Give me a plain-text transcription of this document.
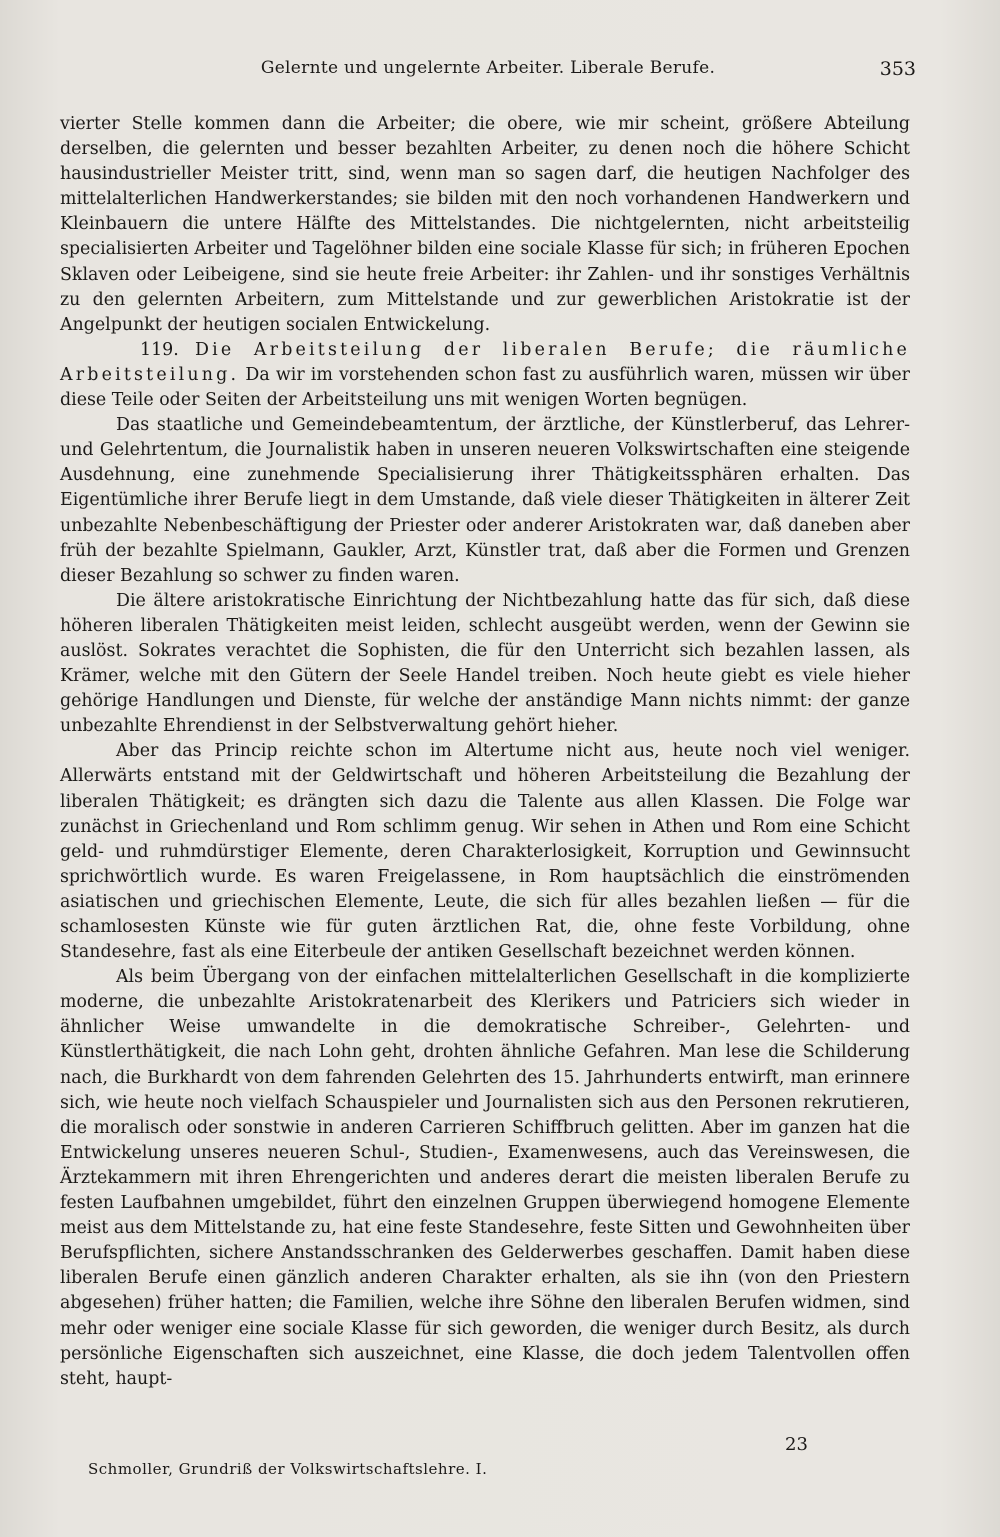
Gelernte und ungelernte Arbeiter. Liberale Berufe.	353

vierter Stelle kommen dann die Arbeiter; die obere, wie mir scheint, größere Abteilung derselben, die gelernten und besser bezahlten Arbeiter, zu denen noch die höhere Schicht hausindustrieller Meister tritt, sind, wenn man so sagen darf, die heutigen Nachfolger des mittelalterlichen Handwerkerstandes; sie bilden mit den noch vorhandenen Handwerkern und Kleinbauern die untere Hälfte des Mittelstandes. Die nichtgelernten, nicht arbeitsteilig specialisierten Arbeiter und Tagelöhner bilden eine sociale Klasse für sich; in früheren Epochen Sklaven oder Leibeigene, sind sie heute freie Arbeiter: ihr Zahlen- und ihr sonstiges Verhältnis zu den gelernten Arbeitern, zum Mittelstande und zur gewerblichen Aristokratie ist der Angelpunkt der heutigen socialen Entwickelung.

119. Die Arbeitsteilung der liberalen Berufe; die räumliche Arbeitsteilung. Da wir im vorstehenden schon fast zu ausführlich waren, müssen wir über diese Teile oder Seiten der Arbeitsteilung uns mit wenigen Worten begnügen.

Das staatliche und Gemeindebeamtentum, der ärztliche, der Künstlerberuf, das Lehrer- und Gelehrtentum, die Journalistik haben in unseren neueren Volkswirtschaften eine steigende Ausdehnung, eine zunehmende Specialisierung ihrer Thätigkeitssphären erhalten. Das Eigentümliche ihrer Berufe liegt in dem Umstande, daß viele dieser Thätigkeiten in älterer Zeit unbezahlte Nebenbeschäftigung der Priester oder anderer Aristokraten war, daß daneben aber früh der bezahlte Spielmann, Gaukler, Arzt, Künstler trat, daß aber die Formen und Grenzen dieser Bezahlung so schwer zu finden waren.

Die ältere aristokratische Einrichtung der Nichtbezahlung hatte das für sich, daß diese höheren liberalen Thätigkeiten meist leiden, schlecht ausgeübt werden, wenn der Gewinn sie auslöst. Sokrates verachtet die Sophisten, die für den Unterricht sich bezahlen lassen, als Krämer, welche mit den Gütern der Seele Handel treiben. Noch heute giebt es viele hieher gehörige Handlungen und Dienste, für welche der anständige Mann nichts nimmt: der ganze unbezahlte Ehrendienst in der Selbstverwaltung gehört hieher.

Aber das Princip reichte schon im Altertume nicht aus, heute noch viel weniger. Allerwärts entstand mit der Geldwirtschaft und höheren Arbeitsteilung die Bezahlung der liberalen Thätigkeit; es drängten sich dazu die Talente aus allen Klassen. Die Folge war zunächst in Griechenland und Rom schlimm genug. Wir sehen in Athen und Rom eine Schicht geld- und ruhmdürstiger Elemente, deren Charakterlosigkeit, Korruption und Gewinnsucht sprichwörtlich wurde. Es waren Freigelassene, in Rom hauptsächlich die einströmenden asiatischen und griechischen Elemente, Leute, die sich für alles bezahlen ließen — für die schamlosesten Künste wie für guten ärztlichen Rat, die, ohne feste Vorbildung, ohne Standesehre, fast als eine Eiterbeule der antiken Gesellschaft bezeichnet werden können.

Als beim Übergang von der einfachen mittelalterlichen Gesellschaft in die komplizierte moderne, die unbezahlte Aristokratenarbeit des Klerikers und Patriciers sich wieder in ähnlicher Weise umwandelte in die demokratische Schreiber-, Gelehrten- und Künstlerthätigkeit, die nach Lohn geht, drohten ähnliche Gefahren. Man lese die Schilderung nach, die Burkhardt von dem fahrenden Gelehrten des 15. Jahrhunderts entwirft, man erinnere sich, wie heute noch vielfach Schauspieler und Journalisten sich aus den Personen rekrutieren, die moralisch oder sonstwie in anderen Carrieren Schiffbruch gelitten. Aber im ganzen hat die Entwickelung unseres neueren Schul-, Studien-, Examenwesens, auch das Vereinswesen, die Ärztekammern mit ihren Ehrengerichten und anderes derart die meisten liberalen Berufe zu festen Laufbahnen umgebildet, führt den einzelnen Gruppen überwiegend homogene Elemente meist aus dem Mittelstande zu, hat eine feste Standesehre, feste Sitten und Gewohnheiten über Berufspflichten, sichere Anstandsschranken des Gelderwerbes geschaffen. Damit haben diese liberalen Berufe einen gänzlich anderen Charakter erhalten, als sie ihn (von den Priestern abgesehen) früher hatten; die Familien, welche ihre Söhne den liberalen Berufen widmen, sind mehr oder weniger eine sociale Klasse für sich geworden, die weniger durch Besitz, als durch persönliche Eigenschaften sich auszeichnet, eine Klasse, die doch jedem Talentvollen offen steht, haupt-

23
Schmoller, Grundriß der Volkswirtschaftslehre. I.
